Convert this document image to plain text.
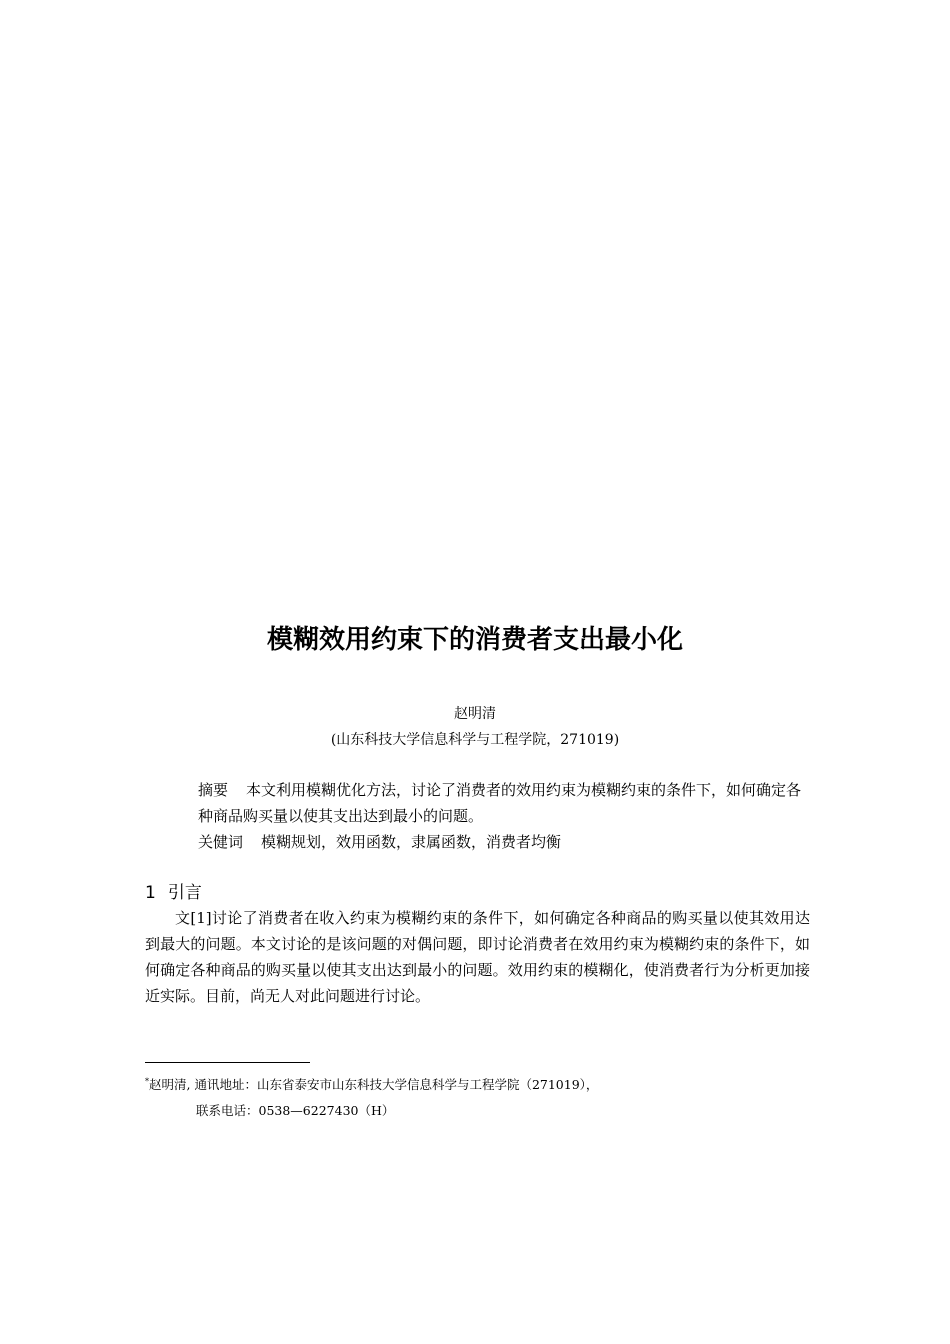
模糊效用约束下的消费者支出最小化
赵明清
(山东科技大学信息科学与工程学院，271019)
摘要 本文利用模糊优化方法，讨论了消费者的效用约束为模糊约束的条件下，如何确定各种商品购买量以使其支出达到最小的问题。
关健词 模糊规划，效用函数，隶属函数，消费者均衡
1 引言
文[1]讨论了消费者在收入约束为模糊约束的条件下，如何确定各种商品的购买量以使其效用达到最大的问题。本文讨论的是该问题的对偶问题，即讨论消费者在效用约束为模糊约束的条件下，如何确定各种商品的购买量以使其支出达到最小的问题。效用约束的模糊化，使消费者行为分析更加接近实际。目前，尚无人对此问题进行讨论。
*赵明清, 通讯地址：山东省泰安市山东科技大学信息科学与工程学院（271019），
联系电话：0538—6227430（H）
